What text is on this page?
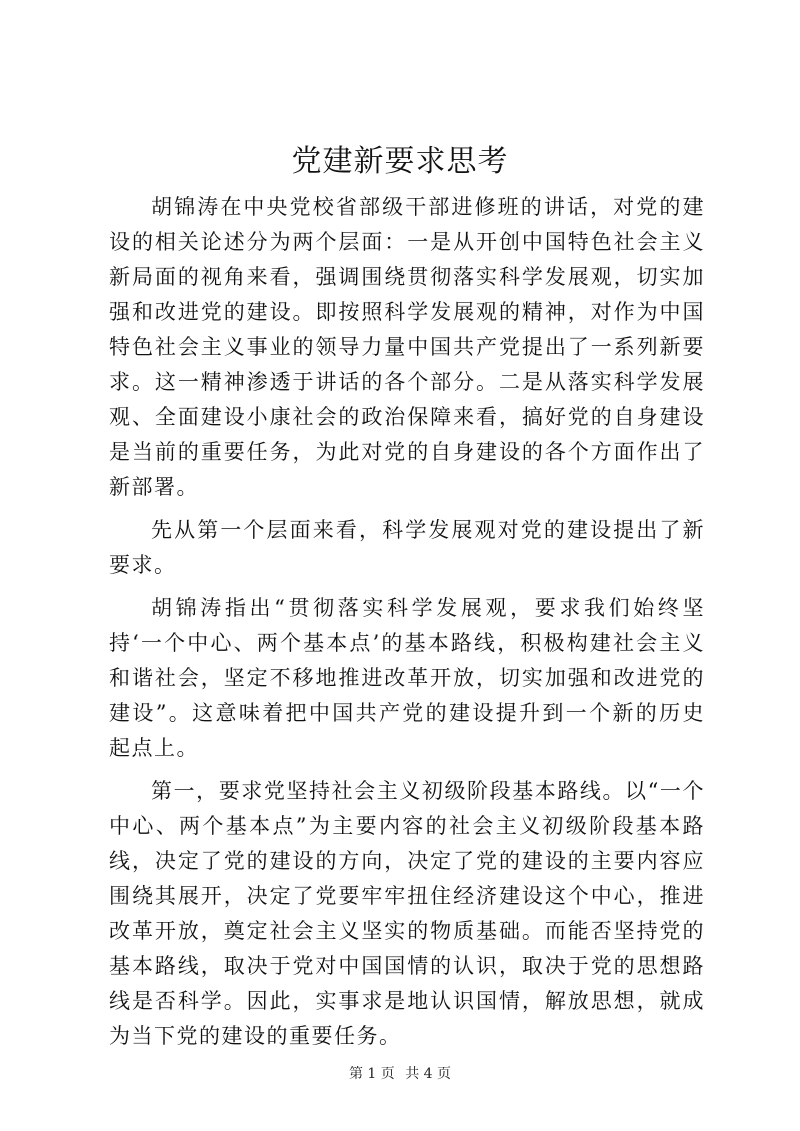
党建新要求思考

胡锦涛在中央党校省部级干部进修班的讲话，对党的建设的相关论述分为两个层面：一是从开创中国特色社会主义新局面的视角来看，强调围绕贯彻落实科学发展观，切实加强和改进党的建设。即按照科学发展观的精神，对作为中国特色社会主义事业的领导力量中国共产党提出了一系列新要求。这一精神渗透于讲话的各个部分。二是从落实科学发展观、全面建设小康社会的政治保障来看，搞好党的自身建设是当前的重要任务，为此对党的自身建设的各个方面作出了新部署。

先从第一个层面来看，科学发展观对党的建设提出了新要求。

胡锦涛指出“贯彻落实科学发展观，要求我们始终坚持‘一个中心、两个基本点’的基本路线，积极构建社会主义和谐社会，坚定不移地推进改革开放，切实加强和改进党的建设”。这意味着把中国共产党的建设提升到一个新的历史起点上。

第一，要求党坚持社会主义初级阶段基本路线。以“一个中心、两个基本点”为主要内容的社会主义初级阶段基本路线，决定了党的建设的方向，决定了党的建设的主要内容应围绕其展开，决定了党要牢牢扭住经济建设这个中心，推进改革开放，奠定社会主义坚实的物质基础。而能否坚持党的基本路线，取决于党对中国国情的认识，取决于党的思想路线是否科学。因此，实事求是地认识国情，解放思想，就成为当下党的建设的重要任务。

第 1 页 共 4 页
